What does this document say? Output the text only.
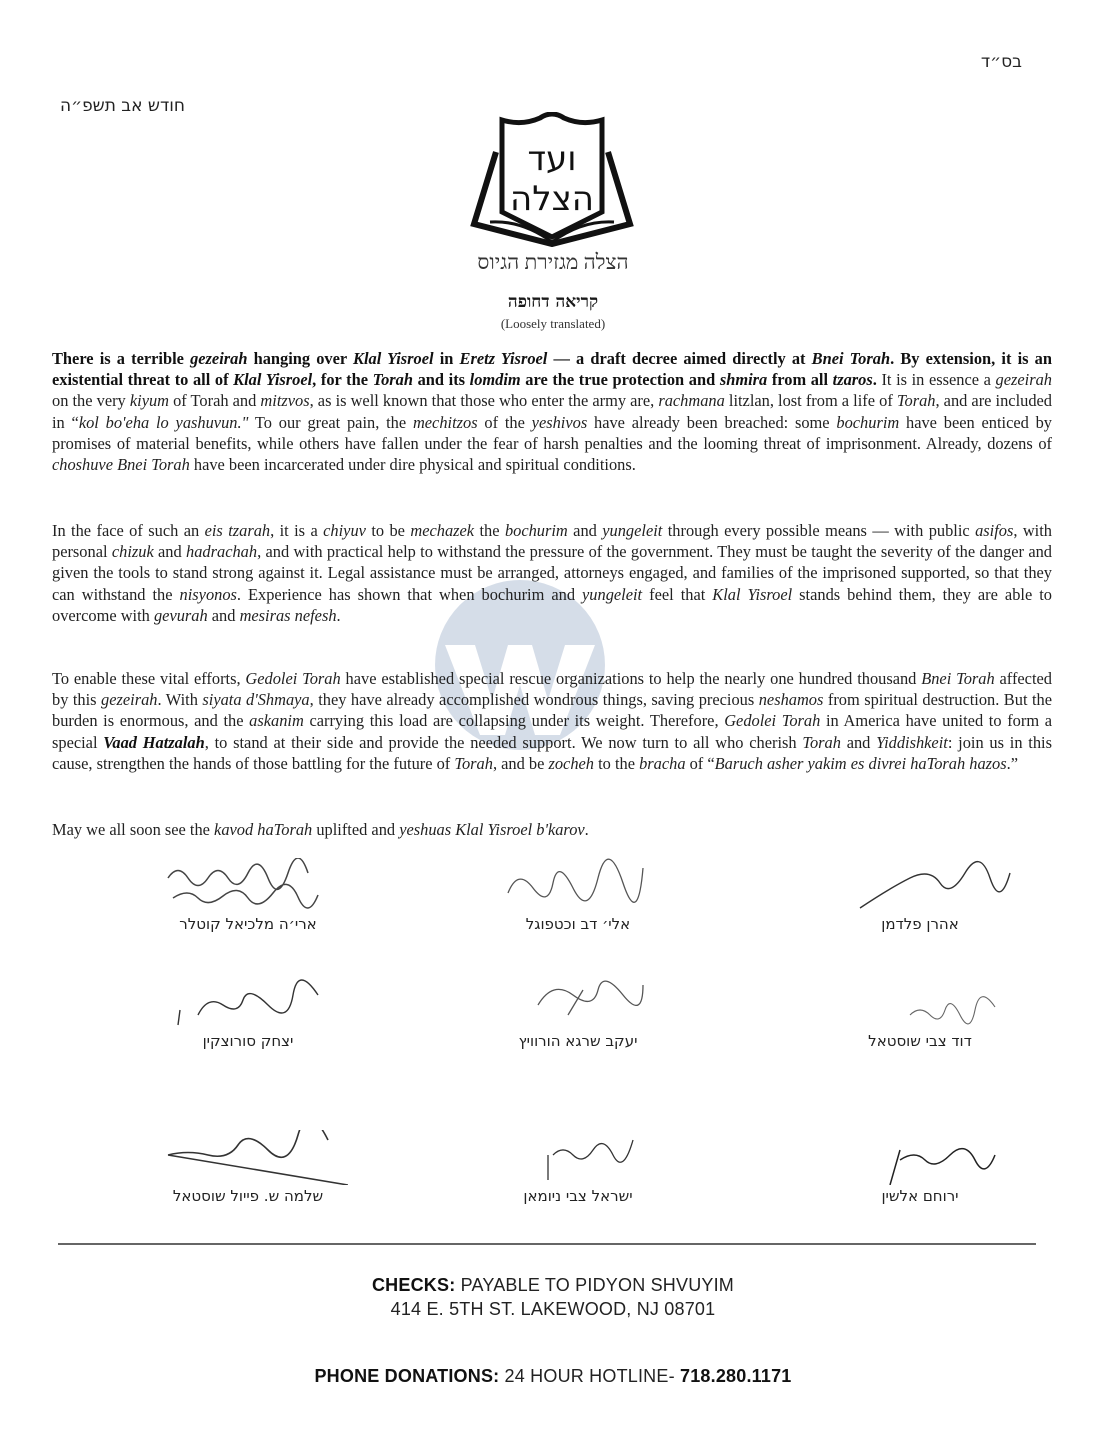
בס״ד
חודש אב תשפ״ה
ועד
הצלה
הצלה מגזירת הגיוס
קריאה דחופה
(Loosely translated)
There is a terrible gezeirah hanging over Klal Yisroel in Eretz Yisroel — a draft decree aimed directly at Bnei Torah. By extension, it is an existential threat to all of Klal Yisroel, for the Torah and its lomdim are the true protection and shmira from all tzaros. It is in essence a gezeirah on the very kiyum of Torah and mitzvos, as is well known that those who enter the army are, rachmana litzlan, lost from a life of Torah, and are included in “kol bo'eha lo yashuvun." To our great pain, the mechitzos of the yeshivos have already been breached: some bochurim have been enticed by promises of material benefits, while others have fallen under the fear of harsh penalties and the looming threat of imprisonment. Already, dozens of choshuve Bnei Torah have been incarcerated under dire physical and spiritual conditions.
In the face of such an eis tzarah, it is a chiyuv to be mechazek the bochurim and yungeleit through every possible means — with public asifos, with personal chizuk and hadrachah, and with practical help to withstand the pressure of the government. They must be taught the severity of the danger and given the tools to stand strong against it. Legal assistance must be arranged, attorneys engaged, and families of the imprisoned supported, so that they can withstand the nisyonos. Experience has shown that when bochurim and yungeleit feel that Klal Yisroel stands behind them, they are able to overcome with gevurah and mesiras nefesh.
To enable these vital efforts, Gedolei Torah have established special rescue organizations to help the nearly one hundred thousand Bnei Torah affected by this gezeirah. With siyata d'Shmaya, they have already accomplished wondrous things, saving precious neshamos from spiritual destruction. But the burden is enormous, and the askanim carrying this load are collapsing under its weight. Therefore, Gedolei Torah in America have united to form a special Vaad Hatzalah, to stand at their side and provide the needed support. We now turn to all who cherish Torah and Yiddishkeit: join us in this cause, strengthen the hands of those battling for the future of Torah, and be zocheh to the bracha of “Baruch asher yakim es divrei haTorah hazos.”
May we all soon see the kavod haTorah uplifted and yeshuas Klal Yisroel b'karov.
ארי׳ה מלכיאל קוטלר	אלי׳ דב וכטפוגל	אהרן פלדמן
יצחק סורוצקין	יעקב שרגא הורוויץ	דוד צבי שוסטאל
שלמה ש. פייול שוסטאל	ישראל צבי ניומאן	ירוחם אלשין
CHECKS: PAYABLE TO PIDYON SHVUYIM
414 E. 5TH ST. LAKEWOOD, NJ 08701
PHONE DONATIONS: 24 HOUR HOTLINE- 718.280.1171
